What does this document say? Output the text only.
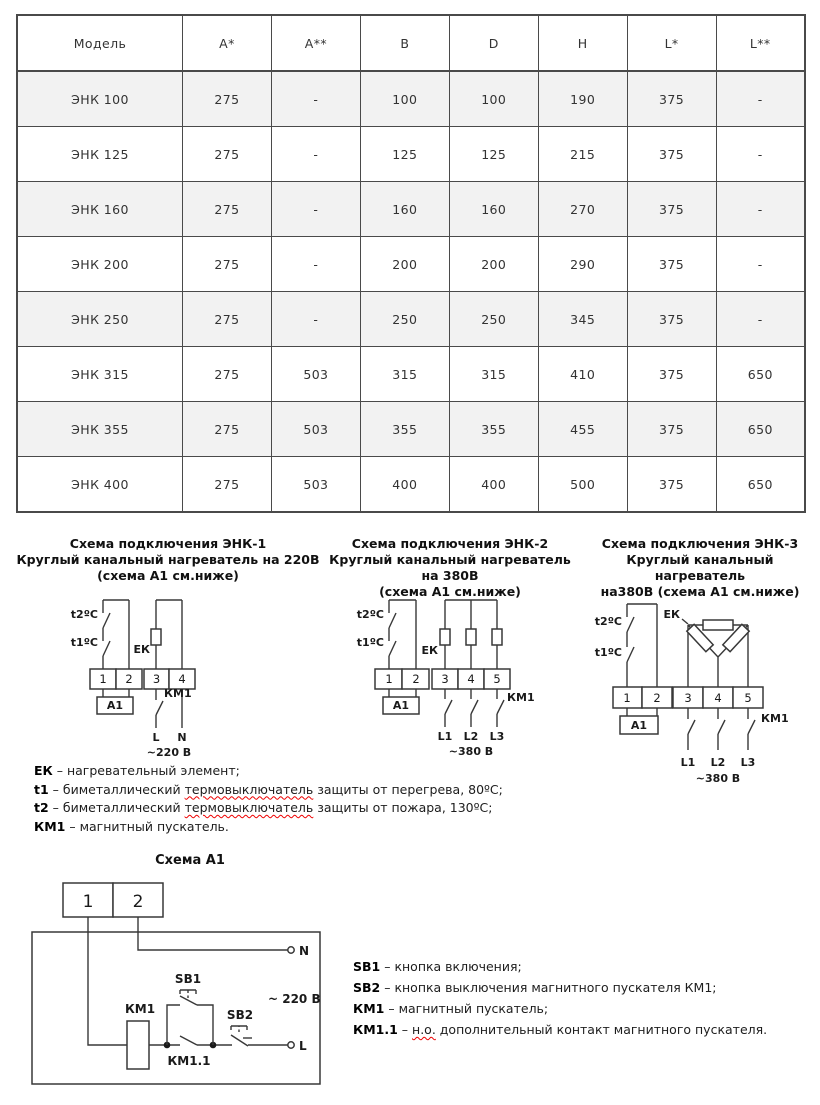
Модель	A*	A**	B	D	H	L*	L**
ЭНК 100	275	-	100	100	190	375	-
ЭНК 125	275	-	125	125	215	375	-
ЭНК 160	275	-	160	160	270	375	-
ЭНК 200	275	-	200	200	290	375	-
ЭНК 250	275	-	250	250	345	375	-
ЭНК 315	275	503	315	315	410	375	650
ЭНК 355	275	503	355	355	455	375	650
ЭНК 400	275	503	400	400	500	375	650
Схема подключения ЭНК-1
Круглый канальный нагреватель на 220В
(схема А1 см.ниже)
Схема подключения ЭНК-2
Круглый канальный нагреватель на 380В
(схема А1 см.ниже)
Схема подключения ЭНК-3
Круглый канальный нагреватель
на380В (схема А1 см.ниже)
t2ºC
t1ºC
ЕК
1 2 3 4
А1
КМ1
L N
~220 В
t2ºC
t1ºC
ЕК
1 2 3 4 5
А1
КМ1
L1 L2 L3
~380 В
t2ºC
t1ºC
ЕК
1 2 3 4 5
А1
КМ1
L1 L2 L3
~380 В
ЕК – нагревательный элемент;
t1 – биметаллический термовыключатель защиты от перегрева, 80ºС;
t2 – биметаллический термовыключатель защиты от пожара, 130ºС;
КМ1 – магнитный пускатель.
Схема А1
1 2
N
КМ1
КМ1.1
SB1
SB2
L
~ 220 В
SB1 – кнопка включения;
SB2 – кнопка выключения магнитного пускателя КМ1;
КМ1 – магнитный пускатель;
КМ1.1 – н.о. дополнительный контакт магнитного пускателя.
